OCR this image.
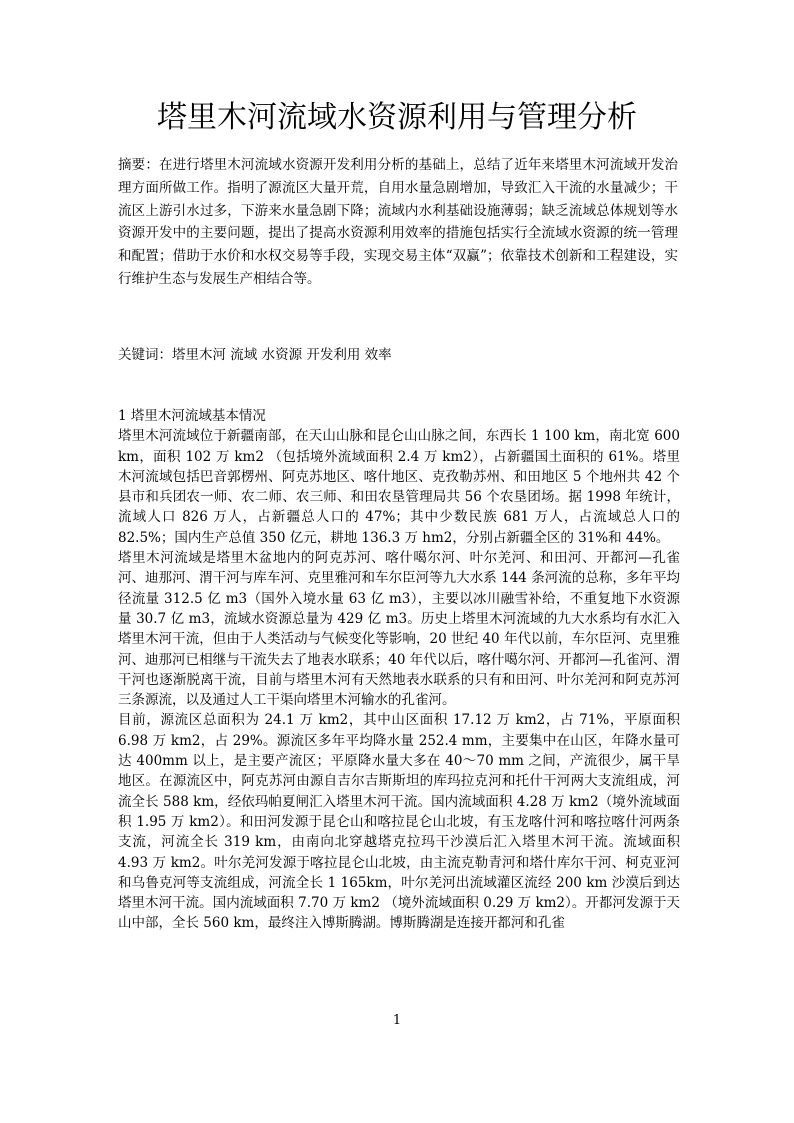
塔里木河流域水资源利用与管理分析

摘要：在进行塔里木河流域水资源开发利用分析的基础上，总结了近年来塔里木河流域开发治理方面所做工作。指明了源流区大量开荒，自用水量急剧增加，导致汇入干流的水量减少；干流区上游引水过多，下游来水量急剧下降；流域内水利基础设施薄弱；缺乏流域总体规划等水资源开发中的主要问题，提出了提高水资源利用效率的措施包括实行全流域水资源的统一管理和配置；借助于水价和水权交易等手段，实现交易主体“双赢”；依靠技术创新和工程建设，实行维护生态与发展生产相结合等。

关键词：塔里木河 流域 水资源 开发利用 效率

1 塔里木河流域基本情况

塔里木河流域位于新疆南部，在天山山脉和昆仑山山脉之间，东西长 1 100 km，南北宽 600 km，面积 102 万 km2 （包括境外流域面积 2.4 万 km2），占新疆国土面积的 61%。塔里木河流域包括巴音郭楞州、阿克苏地区、喀什地区、克孜勒苏州、和田地区 5 个地州共 42 个县市和兵团农一师、农二师、农三师、和田农垦管理局共 56 个农垦团场。据 1998 年统计，流域人口 826 万人，占新疆总人口的 47%；其中少数民族 681 万人，占流域总人口的 82.5%；国内生产总值 350 亿元，耕地 136.3 万 hm2，分别占新疆全区的 31%和 44%。

塔里木河流域是塔里木盆地内的阿克苏河、喀什噶尔河、叶尔羌河、和田河、开都河—孔雀河、迪那河、渭干河与库车河、克里雅河和车尔臣河等九大水系 144 条河流的总称，多年平均径流量 312.5 亿 m3（国外入境水量 63 亿 m3），主要以冰川融雪补给，不重复地下水资源量 30.7 亿 m3，流域水资源总量为 429 亿 m3。历史上塔里木河流域的九大水系均有水汇入塔里木河干流，但由于人类活动与气候变化等影响，20 世纪 40 年代以前，车尔臣河、克里雅河、迪那河已相继与干流失去了地表水联系；40 年代以后，喀什噶尔河、开都河—孔雀河、渭干河也逐渐脱离干流，目前与塔里木河有天然地表水联系的只有和田河、叶尔羌河和阿克苏河三条源流，以及通过人工干渠向塔里木河输水的孔雀河。

目前，源流区总面积为 24.1 万 km2，其中山区面积 17.12 万 km2，占 71%，平原面积 6.98 万 km2，占 29%。源流区多年平均降水量 252.4 mm，主要集中在山区，年降水量可达 400mm 以上，是主要产流区；平原降水量大多在 40～70 mm 之间，产流很少，属干旱地区。在源流区中，阿克苏河由源自吉尔吉斯斯坦的库玛拉克河和托什干河两大支流组成，河流全长 588 km，经依玛帕夏闸汇入塔里木河干流。国内流域面积 4.28 万 km2（境外流域面积 1.95 万 km2）。和田河发源于昆仑山和喀拉昆仑山北坡，有玉龙喀什河和喀拉喀什河两条支流，河流全长 319 km，由南向北穿越塔克拉玛干沙漠后汇入塔里木河干流。流域面积 4.93 万 km2。叶尔羌河发源于喀拉昆仑山北坡，由主流克勒青河和塔什库尔干河、柯克亚河和乌鲁克河等支流组成，河流全长 1 165km，叶尔羌河出流域灌区流经 200 km 沙漠后到达塔里木河干流。国内流域面积 7.70 万 km2 （境外流域面积 0.29 万 km2）。开都河发源于天山中部，全长 560 km，最终注入博斯腾湖。博斯腾湖是连接开都河和孔雀

1
